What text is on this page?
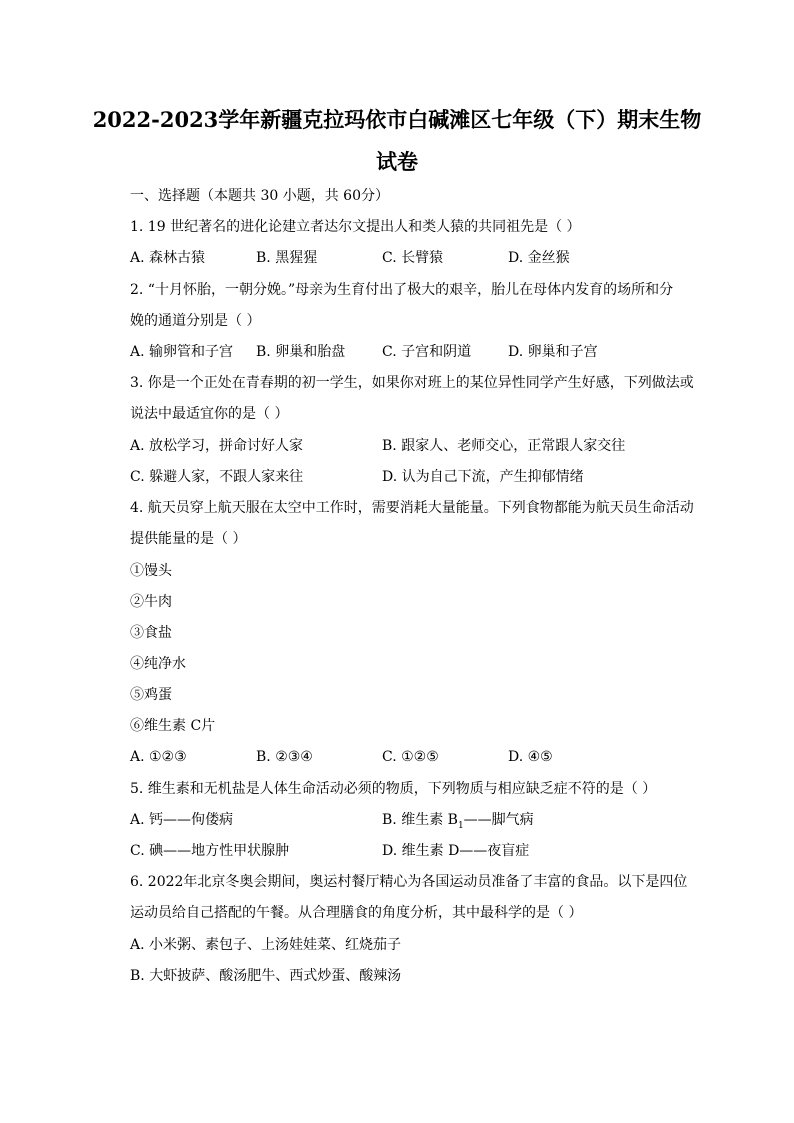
2022-2023学年新疆克拉玛依市白碱滩区七年级（下）期末生物
试卷
一、选择题（本题共 30 小题，共 60分）
1. 19 世纪著名的进化论建立者达尔文提出人和类人猿的共同祖先是（ ）
A. 森林古猿	B. 黑猩猩	C. 长臂猿	D. 金丝猴
2. “十月怀胎，一朝分娩。”母亲为生育付出了极大的艰辛，胎儿在母体内发育的场所和分
娩的通道分别是（ ）
A. 输卵管和子宫 B. 卵巢和胎盘	C. 子宫和阴道	D. 卵巢和子宫
3. 你是一个正处在青春期的初一学生，如果你对班上的某位异性同学产生好感，下列做法或
说法中最适宜你的是（ ）
A. 放松学习，拼命讨好人家	B. 跟家人、老师交心，正常跟人家交往
C. 躲避人家，不跟人家来往	D. 认为自己下流，产生抑郁情绪
4. 航天员穿上航天服在太空中工作时，需要消耗大量能量。下列食物都能为航天员生命活动
提供能量的是（ ）
①馒头
②牛肉
③食盐
④纯净水
⑤鸡蛋
⑥维生素 C片
A. ①②③	B. ②③④	C. ①②⑤	D. ④⑤
5. 维生素和无机盐是人体生命活动必须的物质，下列物质与相应缺乏症不符的是（ ）
A. 钙——佝偻病	B. 维生素 $B_1——$脚气病
C. 碘——地方性甲状腺肿	D. 维生素 D——夜盲症
6. 2022年北京冬奥会期间，奥运村餐厅精心为各国运动员准备了丰富的食品。以下是四位
运动员给自己搭配的午餐。从合理膳食的角度分析，其中最科学的是（ ）
A. 小米粥、素包子、上汤娃娃菜、红烧茄子
B. 大虾披萨、酸汤肥牛、西式炒蛋、酸辣汤
